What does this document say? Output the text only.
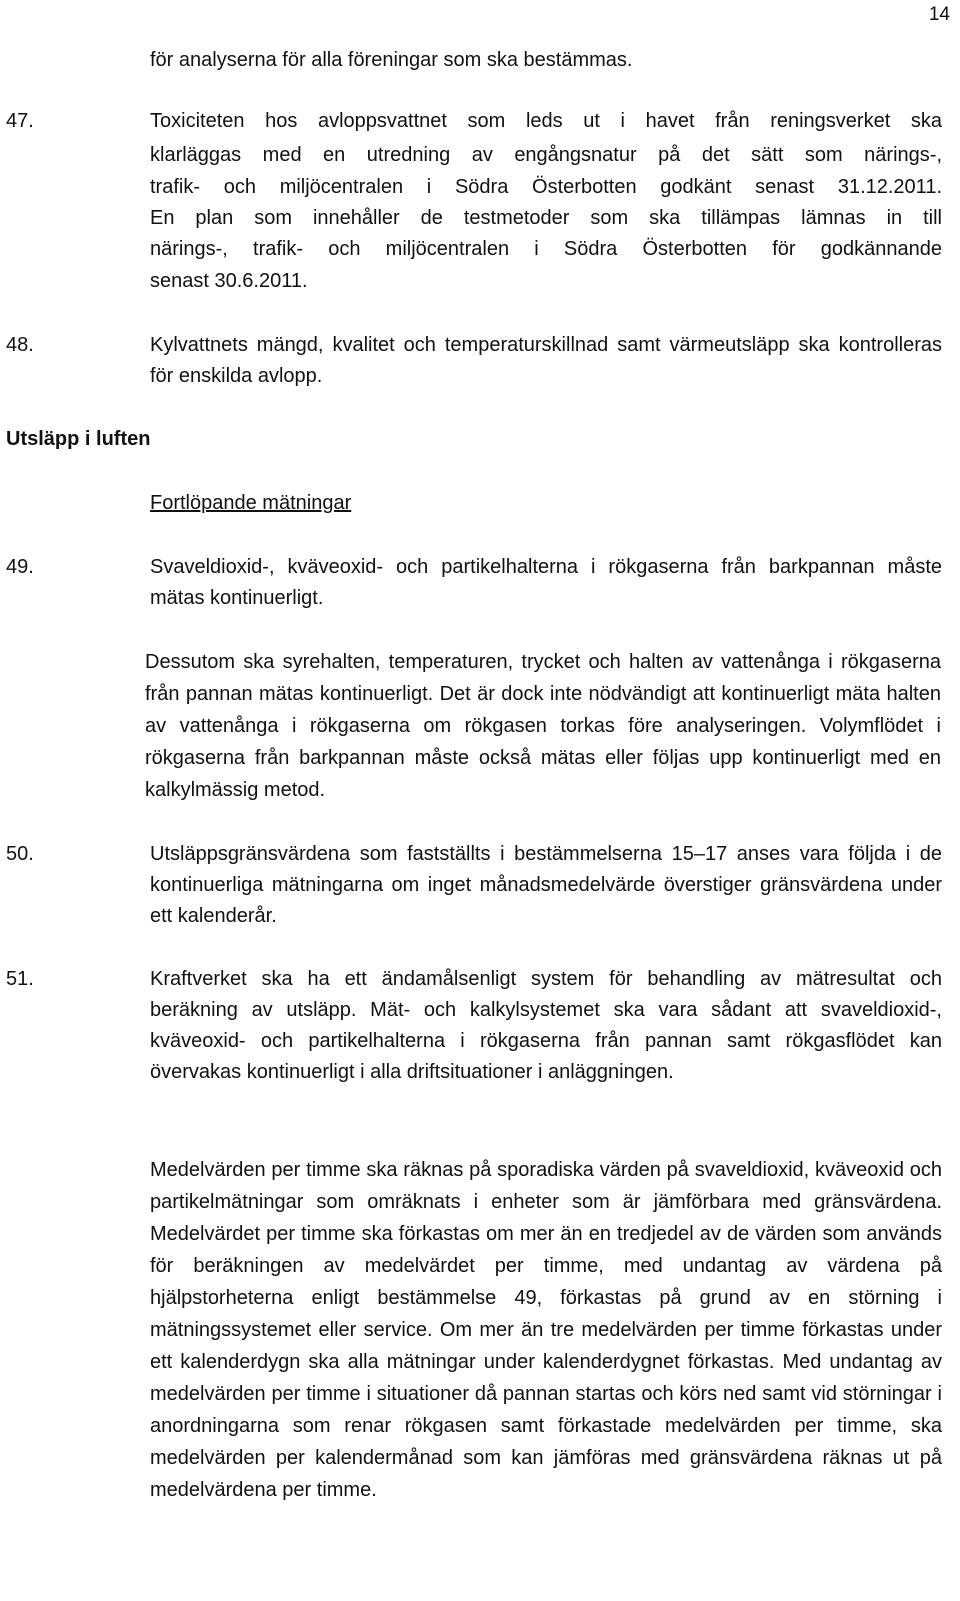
14
för analyserna för alla föreningar som ska bestämmas.
47.	Toxiciteten hos avloppsvattnet som leds ut i havet från reningsverket ska
klarläggas med en utredning av engångsnatur på det sätt som närings-,
trafik- och miljöcentralen i Södra Österbotten godkänt senast 31.12.2011.
En plan som innehåller de testmetoder som ska tillämpas lämnas in till
närings-, trafik- och miljöcentralen i Södra Österbotten för godkännande
senast 30.6.2011.
48.	Kylvattnets mängd, kvalitet och temperaturskillnad samt värmeutsläpp ska kontrolleras för enskilda avlopp.
Utsläpp i luften
Fortlöpande mätningar
49.	Svaveldioxid-, kväveoxid- och partikelhalterna i rökgaserna från barkpannan måste mätas kontinuerligt.
Dessutom ska syrehalten, temperaturen, trycket och halten av vattenånga i rökgaserna från pannan mätas kontinuerligt. Det är dock inte nödvändigt att kontinuerligt mäta halten av vattenånga i rökgaserna om rökgasen torkas före analyseringen. Volymflödet i rökgaserna från barkpannan måste också mätas eller följas upp kontinuerligt med en kalkylmässig metod.
50.	Utsläppsgränsvärdena som fastställts i bestämmelserna 15–17 anses vara följda i de kontinuerliga mätningarna om inget månadsmedelvärde överstiger gränsvärdena under ett kalenderår.
51.	Kraftverket ska ha ett ändamålsenligt system för behandling av mätresultat och beräkning av utsläpp. Mät- och kalkylsystemet ska vara sådant att svaveldioxid-, kväveoxid- och partikelhalterna i rökgaserna från pannan samt rökgasflödet kan övervakas kontinuerligt i alla driftsituationer i anläggningen.
Medelvärden per timme ska räknas på sporadiska värden på svaveldioxid, kväveoxid och partikelmätningar som omräknats i enheter som är jämförbara med gränsvärdena. Medelvärdet per timme ska förkastas om mer än en tredjedel av de värden som används för beräkningen av medelvärdet per timme, med undantag av värdena på hjälpstorheterna enligt bestämmelse 49, förkastas på grund av en störning i mätningssystemet eller service. Om mer än tre medelvärden per timme förkastas under ett kalenderdygn ska alla mätningar under kalenderdygnet förkastas. Med undantag av medelvärden per timme i situationer då pannan startas och körs ned samt vid störningar i anordningarna som renar rökgasen samt förkastade medelvärden per timme, ska medelvärden per kalendermånad som kan jämföras med gränsvärdena räknas ut på medelvärdena per timme.
